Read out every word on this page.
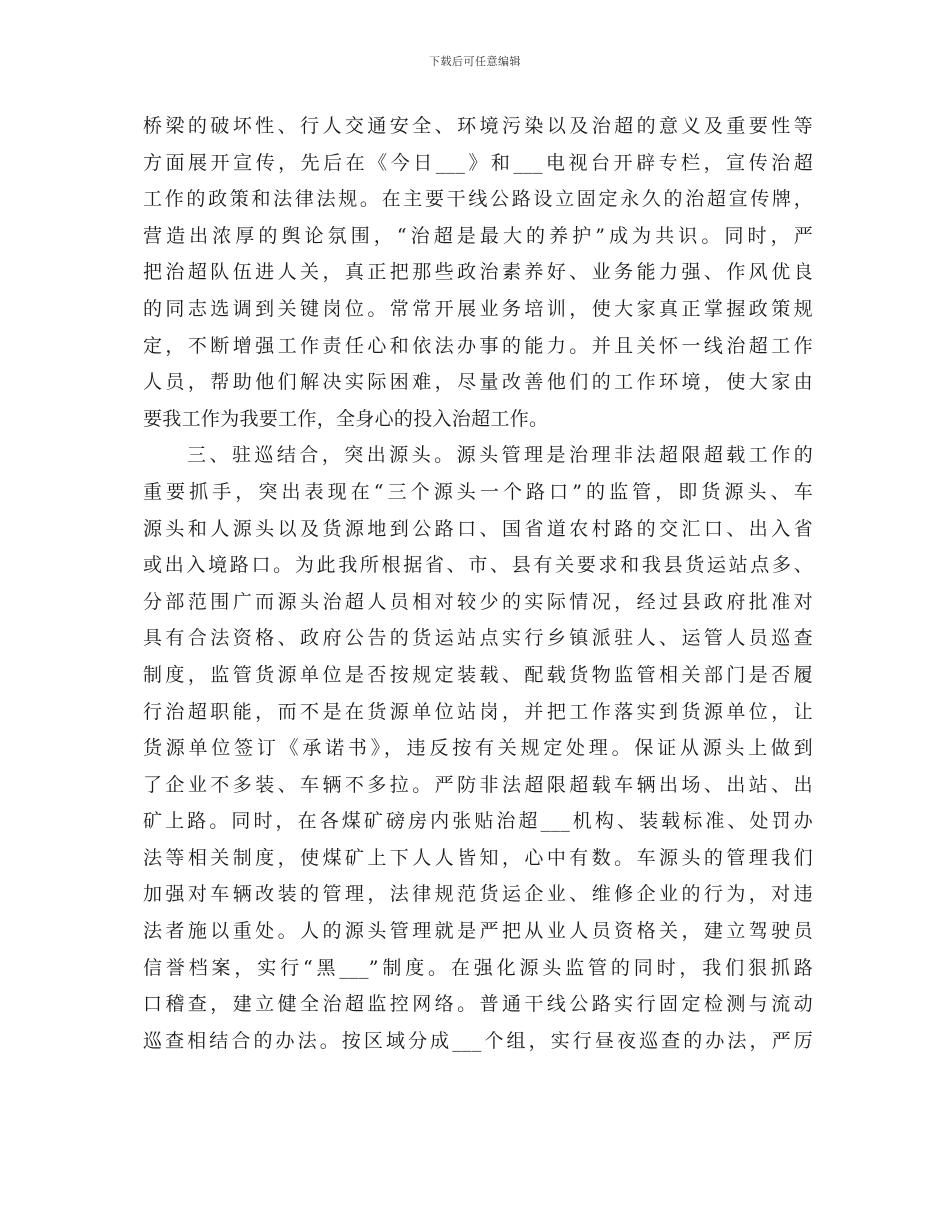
下载后可任意编辑
桥梁的破坏性、行人交通安全、环境污染以及治超的意义及重要性等
方面展开宣传，先后在《今日___》和___电视台开辟专栏，宣传治超
工作的政策和法律法规。在主要干线公路设立固定永久的治超宣传牌，
营造出浓厚的舆论氛围，“治超是最大的养护”成为共识。同时，严
把治超队伍进人关，真正把那些政治素养好、业务能力强、作风优良
的同志选调到关键岗位。常常开展业务培训，使大家真正掌握政策规
定，不断增强工作责任心和依法办事的能力。并且关怀一线治超工作
人员，帮助他们解决实际困难，尽量改善他们的工作环境，使大家由
要我工作为我要工作，全身心的投入治超工作。
三、驻巡结合，突出源头。源头管理是治理非法超限超载工作的
重要抓手，突出表现在“三个源头一个路口”的监管，即货源头、车
源头和人源头以及货源地到公路口、国省道农村路的交汇口、出入省
或出入境路口。为此我所根据省、市、县有关要求和我县货运站点多、
分部范围广而源头治超人员相对较少的实际情况，经过县政府批准对
具有合法资格、政府公告的货运站点实行乡镇派驻人、运管人员巡查
制度，监管货源单位是否按规定装载、配载货物监管相关部门是否履
行治超职能，而不是在货源单位站岗，并把工作落实到货源单位，让
货源单位签订《承诺书》，违反按有关规定处理。保证从源头上做到
了企业不多装、车辆不多拉。严防非法超限超载车辆出场、出站、出
矿上路。同时，在各煤矿磅房内张贴治超___机构、装载标准、处罚办
法等相关制度，使煤矿上下人人皆知，心中有数。车源头的管理我们
加强对车辆改装的管理，法律规范货运企业、维修企业的行为，对违
法者施以重处。人的源头管理就是严把从业人员资格关，建立驾驶员
信誉档案，实行“黑___”制度。在强化源头监管的同时，我们狠抓路
口稽查，建立健全治超监控网络。普通干线公路实行固定检测与流动
巡查相结合的办法。按区域分成___个组，实行昼夜巡查的办法，严厉
